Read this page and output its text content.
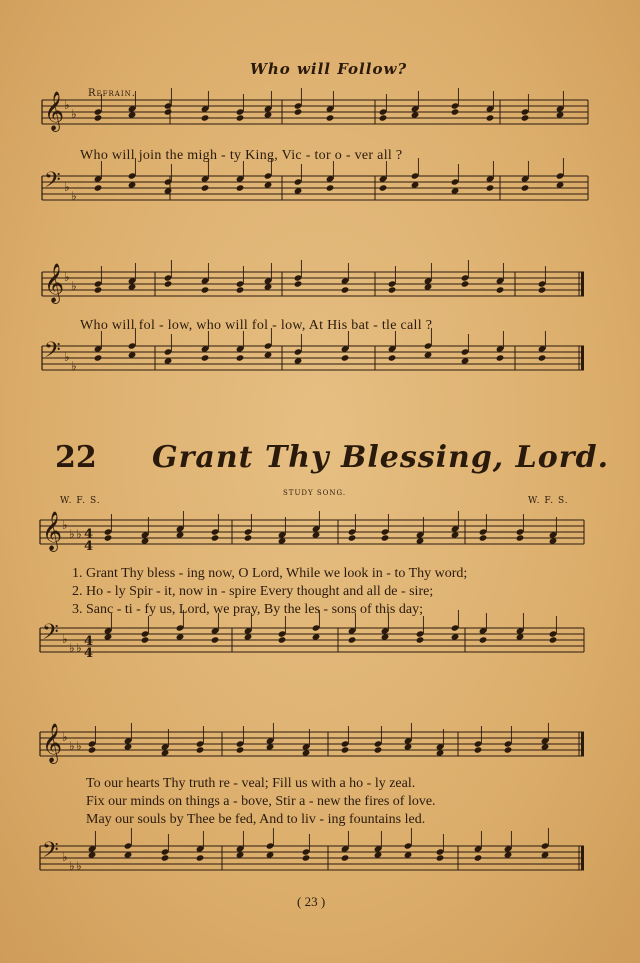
Who will Follow?
Refrain.
22 Grant Thy Blessing, Lord.
STUDY SONG.
W. F. S.	W. F. S.
Who will join the migh - ty King, Vic - tor o - ver all ?
Who will fol - low, who will fol - low, At His bat - tle call ?
1. Grant Thy bless - ing now, O Lord, While we look in - to Thy word;
2. Ho - ly Spir - it, now in - spire Every thought and all de - sire;
3. Sanc - ti - fy us, Lord, we pray, By the les - sons of this day;
To our hearts Thy truth re - veal; Fill us with a ho - ly zeal.
Fix our minds on things a - bove, Stir a - new the fires of love.
May our souls by Thee be fed, And to liv - ing fountains led.
( 23 )
𝄞 ♭
♭
𝄢 ♭
♭
𝄞 ♭
♭
𝄢 ♭
♭
𝄞 ♭
♭ ♭
𝄢 ♭
♭ ♭
4
4
4
4
𝄞 ♭
♭ ♭
𝄢 ♭
♭ ♭
